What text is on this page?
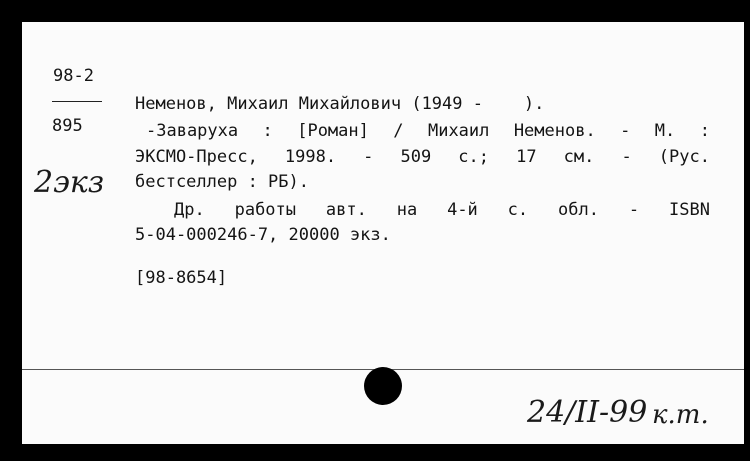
98-2
895
2экз
Неменов, Михаил Михайлович (1949 -    ).
-Заваруха : [Роман] / Михаил Неменов. - М. :
ЭКСМО-Пресс, 1998. - 509 с.; 17 см. - (Рус.
бестселлер : РБ).
Др. работы авт. на 4-й с. обл. - ISBN
5-04-000246-7, 20000 экз.
[98-8654]
24/II-99 к.т.
